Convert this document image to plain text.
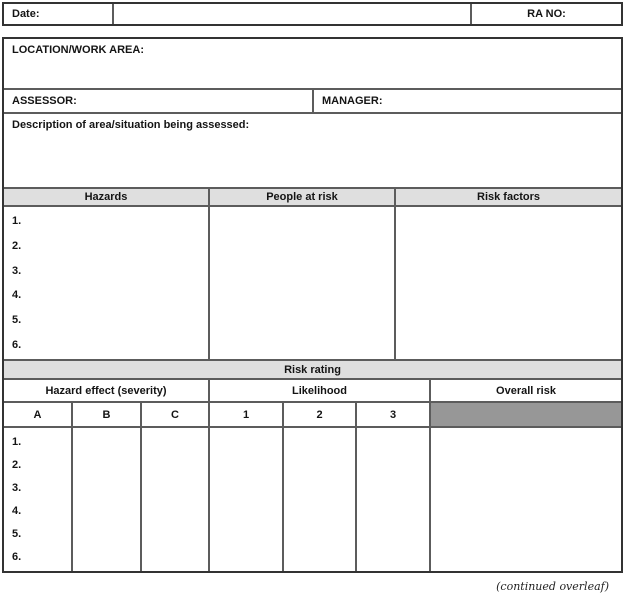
Date:	RA NO:
LOCATION/WORK AREA:
ASSESSOR:	MANAGER:
Description of area/situation being assessed:
Hazards	People at risk	Risk factors
1.
2.
3.
4.
5.
6.
Risk rating
Hazard effect (severity)	Likelihood	Overall risk
A	B	C	1	2	3
1.
2.
3.
4.
5.
6.
(continued overleaf)
